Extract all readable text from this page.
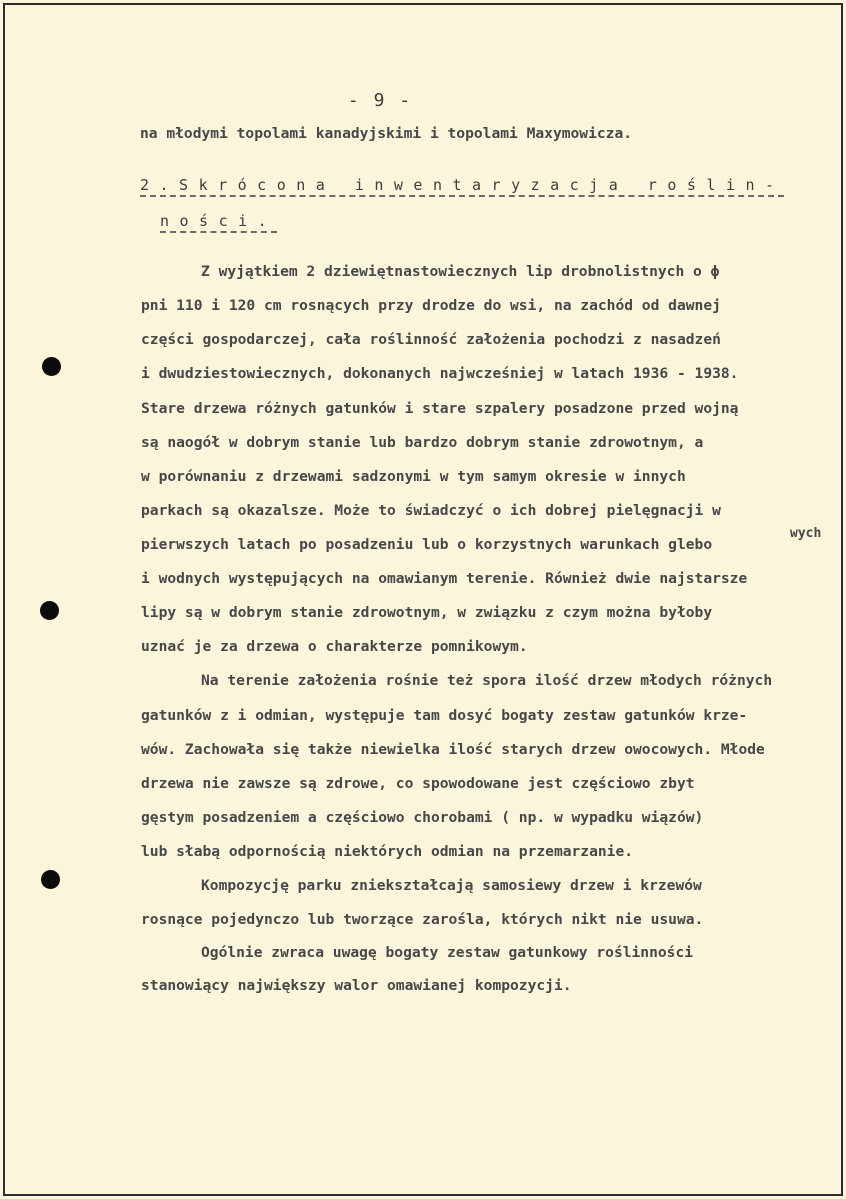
- 9 -
na młodymi topolami kanadyjskimi i topolami Maxymowicza.
2.Skrócona inwentaryzacja roślin-
ności.
Z wyjątkiem 2 dziewiętnastowiecznych lip drobnolistnych o ϕ
pni 110 i 120 cm rosnących przy drodze do wsi, na zachód od dawnej
części gospodarczej, cała roślinność założenia pochodzi z nasadzeń
i dwudziestowiecznych, dokonanych najwcześniej w latach 1936 - 1938.
Stare drzewa różnych gatunków i stare szpalery posadzone przed wojną
są naogół w dobrym stanie lub bardzo dobrym stanie zdrowotnym, a
w porównaniu z drzewami sadzonymi w tym samym okresie w innych
parkach są okazalsze. Może to świadczyć o ich dobrej pielęgnacji w
pierwszych latach po posadzeniu lub o korzystnych warunkach glebo
wych
i wodnych występujących na omawianym terenie. Również dwie najstarsze
lipy są w dobrym stanie zdrowotnym, w związku z czym można byłoby
uznać je za drzewa o charakterze pomnikowym.
Na terenie założenia rośnie też spora ilość drzew młodych różnych
gatunków z i odmian, występuje tam dosyć bogaty zestaw gatunków krze-
wów. Zachowała się także niewielka ilość starych drzew owocowych. Młode
drzewa nie zawsze są zdrowe, co spowodowane jest częściowo zbyt
gęstym posadzeniem a częściowo chorobami ( np. w wypadku wiązów)
lub słabą odpornością niektórych odmian na przemarzanie.
Kompozycję parku zniekształcają samosiewy drzew i krzewów
rosnące pojedynczo lub tworzące zarośla, których nikt nie usuwa.
Ogólnie zwraca uwagę bogaty zestaw gatunkowy roślinności
stanowiący największy walor omawianej kompozycji.
